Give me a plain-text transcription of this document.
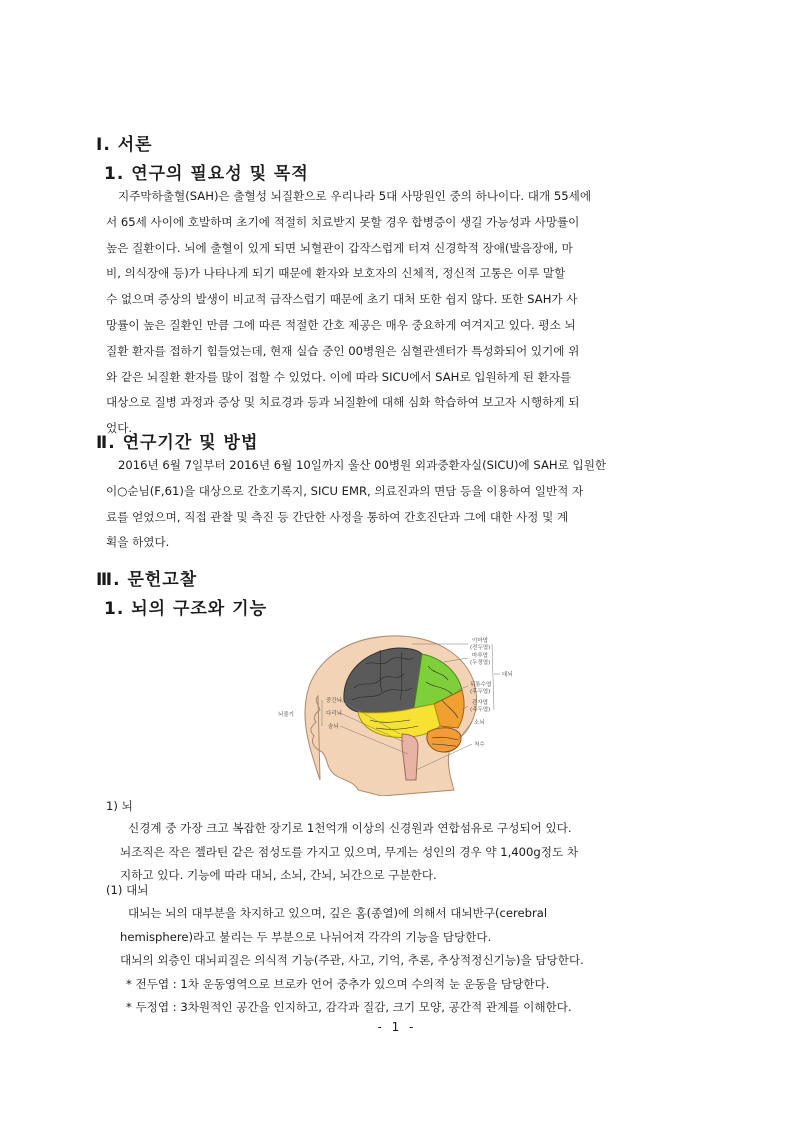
Ⅰ. 서론
1. 연구의 필요성 및 목적
지주막하출혈(SAH)은 출혈성 뇌질환으로 우리나라 5대 사망원인 중의 하나이다. 대개 55세에
서 65세 사이에 호발하며 초기에 적절히 치료받지 못할 경우 합병증이 생길 가능성과 사망률이
높은 질환이다. 뇌에 출혈이 있게 되면 뇌혈관이 갑작스럽게 터져 신경학적 장애(발음장애, 마
비, 의식장애 등)가 나타나게 되기 때문에 환자와 보호자의 신체적, 정신적 고통은 이루 말할
수 없으며 증상의 발생이 비교적 급작스럽기 때문에 초기 대처 또한 쉽지 않다. 또한 SAH가 사
망률이 높은 질환인 만큼 그에 따른 적절한 간호 제공은 매우 중요하게 여겨지고 있다. 평소 뇌
질환 환자를 접하기 힘들었는데, 현재 실습 중인 00병원은 심혈관센터가 특성화되어 있기에 위
와 같은 뇌질환 환자를 많이 접할 수 있었다. 이에 따라 SICU에서 SAH로 입원하게 된 환자를
대상으로 질병 과정과 증상 및 치료경과 등과 뇌질환에 대해 심화 학습하여 보고자 시행하게 되
었다.
Ⅱ. 연구기간 및 방법
2016년 6월 7일부터 2016년 6월 10일까지 울산 00병원 외과중환자실(SICU)에 SAH로 입원한
이○순님(F,61)을 대상으로 간호기록지, SICU EMR, 의료진과의 면담 등을 이용하여 일반적 자
료를 얻었으며, 직접 관찰 및 측진 등 간단한 사정을 통하여 간호진단과 그에 대한 사정 및 계
획을 하였다.
Ⅲ. 문헌고찰
1. 뇌의 구조와 기능
이마엽
(전두엽)
마루엽
(두정엽)
대뇌
뒤통수엽
(후두엽)
관자엽
(측두엽)
소뇌
척수
중간뇌
다리뇌
숨뇌
뇌줄기
1) 뇌
신경계 중 가장 크고 복잡한 장기로 1천억개 이상의 신경원과 연합섬유로 구성되어 있다.
뇌조직은 작은 젤라틴 같은 점성도를 가지고 있으며, 무게는 성인의 경우 약 1,400g정도 차
지하고 있다. 기능에 따라 대뇌, 소뇌, 간뇌, 뇌간으로 구분한다.
(1) 대뇌
대뇌는 뇌의 대부분을 차지하고 있으며, 깊은 홈(종열)에 의해서 대뇌반구(cerebral
hemisphere)라고 불리는 두 부분으로 나뉘어져 각각의 기능을 담당한다.
대뇌의 외층인 대뇌피질은 의식적 기능(주관, 사고, 기억, 추론, 추상적정신기능)을 담당한다.
* 전두엽 : 1차 운동영역으로 브로카 언어 중추가 있으며 수의적 눈 운동을 담당한다.
* 두정엽 : 3차원적인 공간을 인지하고, 감각과 질감, 크기 모양, 공간적 관계를 이해한다.
- 1 -
